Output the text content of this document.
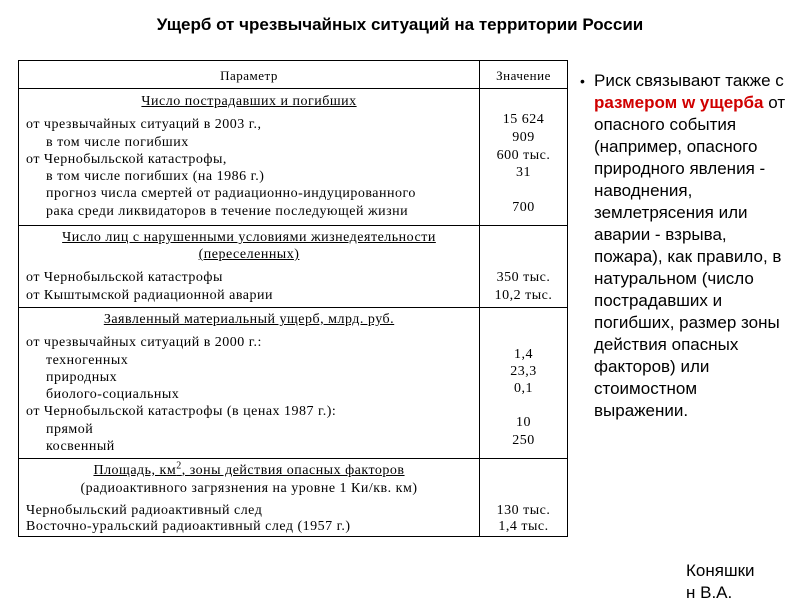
Ущерб от чрезвычайных ситуаций на территории России
Параметр	Значение
Число пострадавших и погибших
от чрезвычайных ситуаций в 2003 г.,
в том числе погибших
от Чернобыльской катастрофы,
в том числе погибших (на 1986 г.)
прогноз числа смертей от радиационно-индуцированного
рака среди ликвидаторов в течение последующей жизни
15 624
909
600 тыс.
31
700
Число лиц с нарушенными условиями жизнедеятельности
(переселенных)
от Чернобыльской катастрофы
от Кыштымской радиационной аварии
350 тыс.
10,2 тыс.
Заявленный материальный ущерб, млрд. руб.
от чрезвычайных ситуаций в 2000 г.:
техногенных
природных
биолого-социальных
от Чернобыльской катастрофы (в ценах 1987 г.):
прямой
косвенный
1,4
23,3
0,1
10
250
Площадь, $км^2$, зоны действия опасных факторов
(радиоактивного загрязнения на уровне 1 Ки/кв. км)
Чернобыльский радиоактивный след
Восточно-уральский радиоактивный след (1957 г.)
130 тыс.
1,4 тыс.
• Риск связывают также с размером w ущерба от опасного события (например, опасного природного явления - наводнения, землетрясения или аварии - взрыва, пожара), как правило, в натуральном (число пострадавших и погибших, размер зоны действия опасных факторов) или стоимостном выражении.
Коняшки
н В.А.
